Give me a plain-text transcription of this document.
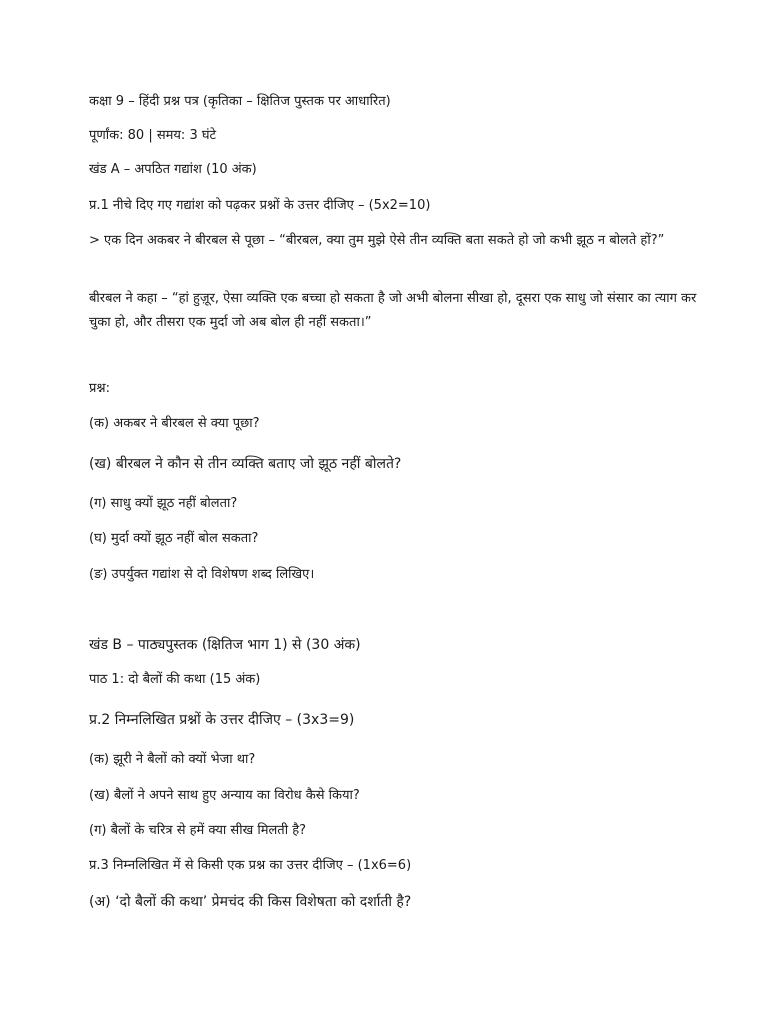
कक्षा 9 – हिंदी प्रश्न पत्र (कृतिका – क्षितिज पुस्तक पर आधारित)
पूर्णांक: 80 | समय: 3 घंटे
खंड A – अपठित गद्यांश (10 अंक)
प्र.1 नीचे दिए गए गद्यांश को पढ़कर प्रश्नों के उत्तर दीजिए – (5x2=10)
> एक दिन अकबर ने बीरबल से पूछा – “बीरबल, क्या तुम मुझे ऐसे तीन व्यक्ति बता सकते हो जो कभी झूठ न बोलते हों?”
बीरबल ने कहा – “हां हुज़ूर, ऐसा व्यक्ति एक बच्चा हो सकता है जो अभी बोलना सीखा हो, दूसरा एक साधु जो संसार का त्याग कर चुका हो, और तीसरा एक मुर्दा जो अब बोल ही नहीं सकता।”
प्रश्न:
(क) अकबर ने बीरबल से क्या पूछा?
(ख) बीरबल ने कौन से तीन व्यक्ति बताए जो झूठ नहीं बोलते?
(ग) साधु क्यों झूठ नहीं बोलता?
(घ) मुर्दा क्यों झूठ नहीं बोल सकता?
(ङ) उपर्युक्त गद्यांश से दो विशेषण शब्द लिखिए।
खंड B – पाठ्यपुस्तक (क्षितिज भाग 1) से (30 अंक)
पाठ 1: दो बैलों की कथा (15 अंक)
प्र.2 निम्नलिखित प्रश्नों के उत्तर दीजिए – (3x3=9)
(क) झूरी ने बैलों को क्यों भेजा था?
(ख) बैलों ने अपने साथ हुए अन्याय का विरोध कैसे किया?
(ग) बैलों के चरित्र से हमें क्या सीख मिलती है?
प्र.3 निम्नलिखित में से किसी एक प्रश्न का उत्तर दीजिए – (1x6=6)
(अ) ‘दो बैलों की कथा’ प्रेमचंद की किस विशेषता को दर्शाती है?
